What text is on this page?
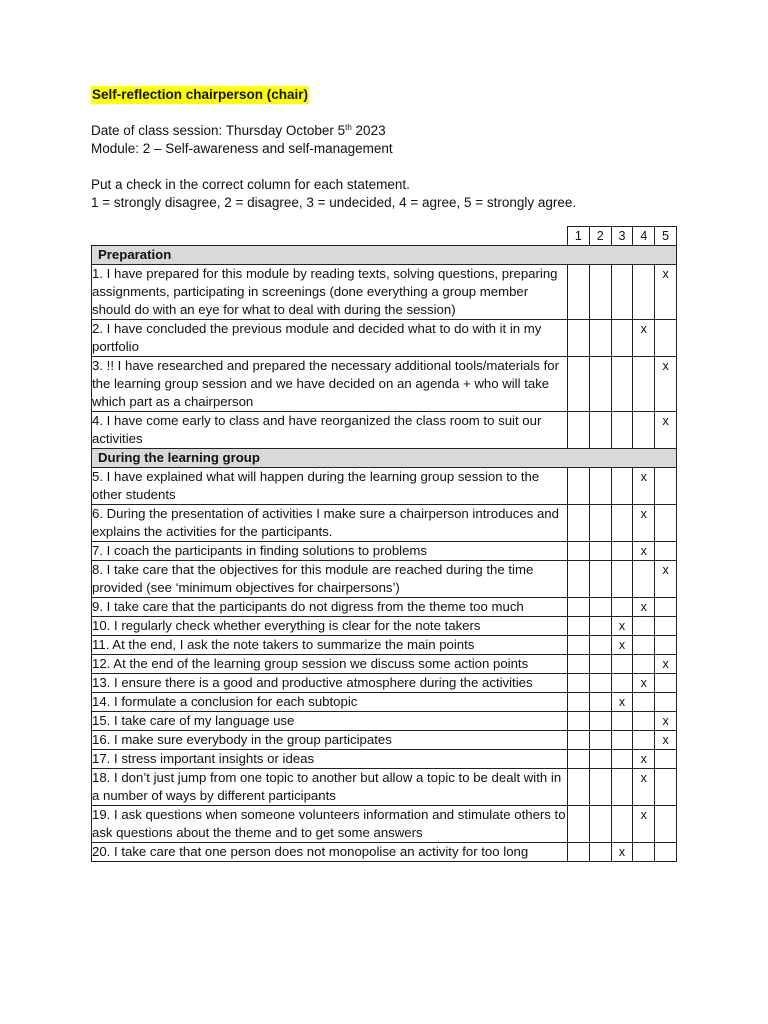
Self-reflection chairperson (chair)
Date of class session: Thursday October 5th 2023
Module: 2 – Self-awareness and self-management
Put a check in the correct column for each statement.
1 = strongly disagree, 2 = disagree, 3 = undecided, 4 = agree, 5 = strongly agree.
	1	2	3	4	5
Preparation					
1. I have prepared for this module by reading texts, solving questions, preparing assignments, participating in screenings (done everything a group member should do with an eye for what to deal with during the session)					x
2. I have concluded the previous module and decided what to do with it in my portfolio				x	
3. !! I have researched and prepared the necessary additional tools/materials for the learning group session and we have decided on an agenda + who will take which part as a chairperson					x
4. I have come early to class and have reorganized the class room to suit our activities					x
During the learning group					
5. I have explained what will happen during the learning group session to the other students				x	
6. During the presentation of activities I make sure a chairperson introduces and explains the activities for the participants.				x	
7. I coach the participants in finding solutions to problems				x	
8. I take care that the objectives for this module are reached during the time provided (see ‘minimum objectives for chairpersons’)					x
9. I take care that the participants do not digress from the theme too much				x	
10. I regularly check whether everything is clear for the note takers			x		
11. At the end, I ask the note takers to summarize the main points			x		
12. At the end of the learning group session we discuss some action points					x
13. I ensure there is a good and productive atmosphere during the activities				x	
14. I formulate a conclusion for each subtopic			x		
15. I take care of my language use					x
16. I make sure everybody in the group participates					x
17. I stress important insights or ideas				x	
18. I don’t just jump from one topic to another but allow a topic to be dealt with in a number of ways by different participants				x	
19. I ask questions when someone volunteers information and stimulate others to ask questions about the theme and to get some answers				x	
20. I take care that one person does not monopolise an activity for too long			x		
